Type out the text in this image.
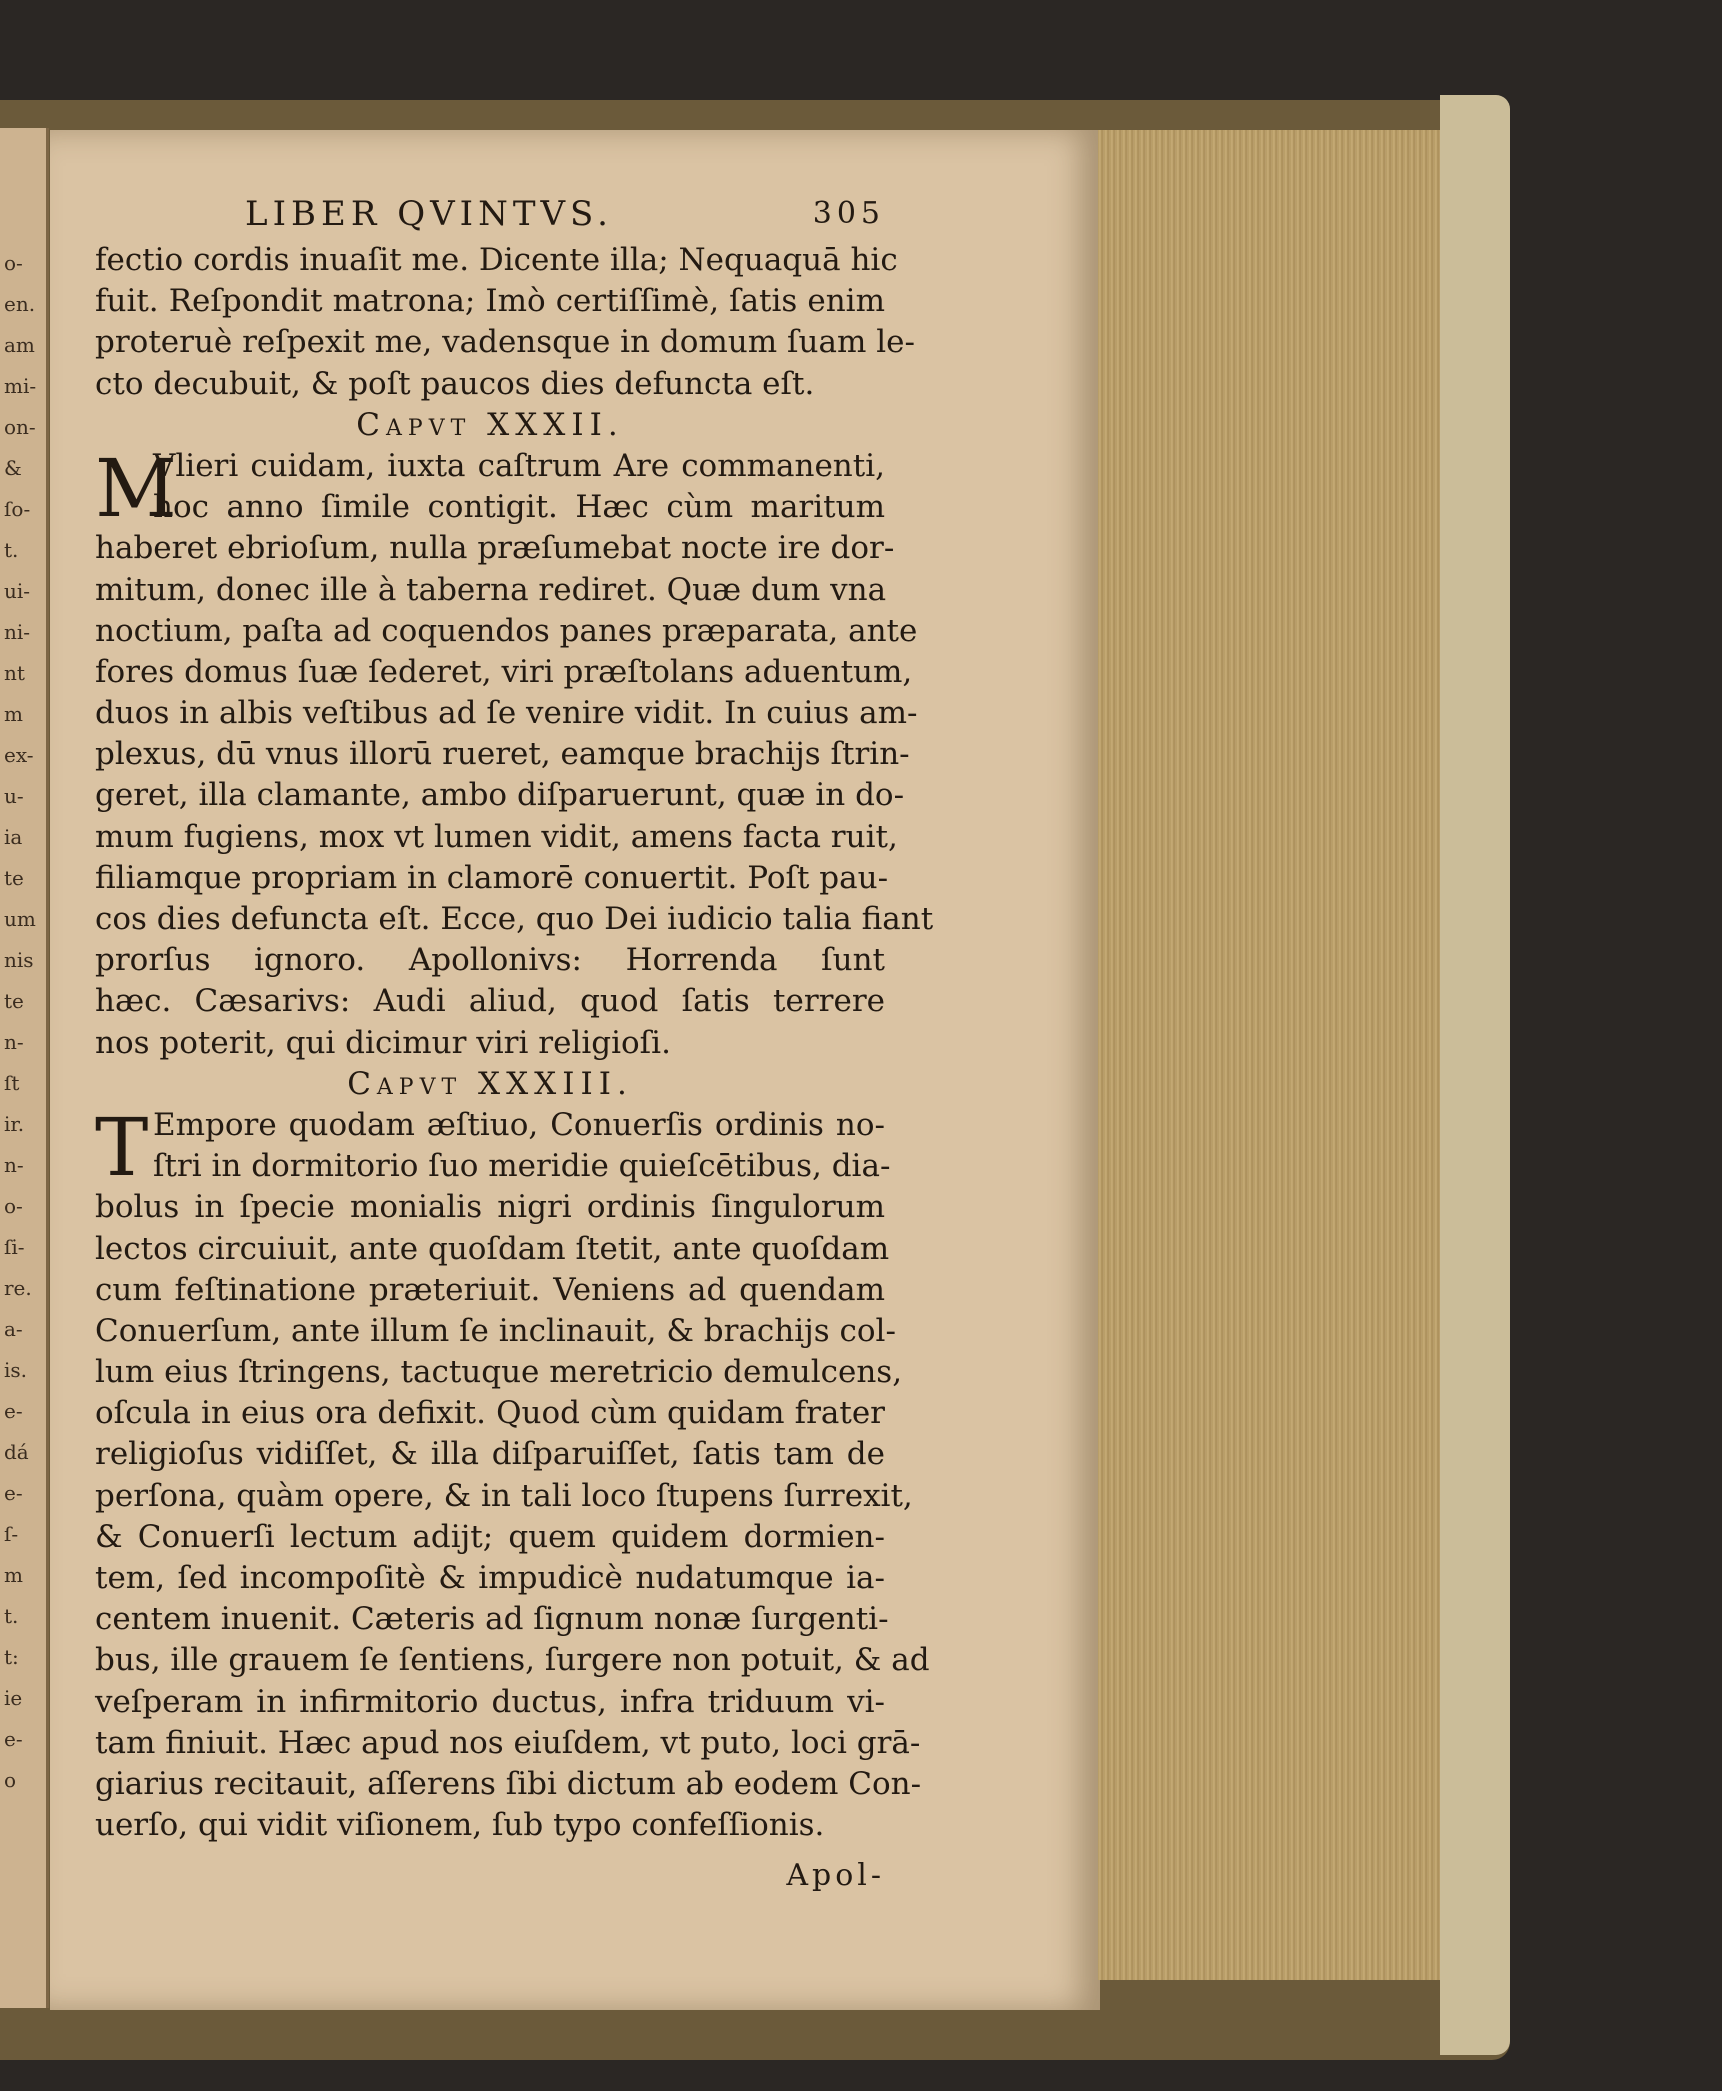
o-
en.
am
mi-
on-
&
ſo-
t.
ui-
ni-
nt
m
ex-
u-
ia
te
um
nis
te
n-
ſt
ir.
n-
o-
ſi-
re.
a-
is.
e-
dá
e-
ſ-
m
t.
t:
ie
e-
o
LIBER QVINTVS.	305
fectio cordis inuaſit me. Dicente illa; Nequaquā hic
fuit. Reſpondit matrona; Imò certiſſimè, ſatis enim
proteruè reſpexit me, vadensque in domum ſuam le-
cto decubuit, & poſt paucos dies defuncta eſt.
Capvt XXXII.
M
Vlieri cuidam, iuxta caſtrum Are commanenti,
hoc anno ſimile contigit. Hæc cùm maritum
haberet ebrioſum, nulla præſumebat nocte ire dor-
mitum, donec ille à taberna rediret. Quæ dum vna
noctium, paſta ad coquendos panes præparata, ante
fores domus ſuæ ſederet, viri præſtolans aduentum,
duos in albis veſtibus ad ſe venire vidit. In cuius am-
plexus, dū vnus illorū rueret, eamque brachijs ſtrin-
geret, illa clamante, ambo diſparuerunt, quæ in do-
mum fugiens, mox vt lumen vidit, amens facta ruit,
filiamque propriam in clamorē conuertit. Poſt pau-
cos dies defuncta eſt. Ecce, quo Dei iudicio talia fiant
prorſus ignoro. Apollonivs: Horrenda ſunt
hæc. Cæsarivs: Audi aliud, quod ſatis terrere
nos poterit, qui dicimur viri religioſi.
Capvt XXXIII.
T Empore quodam æſtiuo, Conuerſis ordinis no-
ſtri in dormitorio ſuo meridie quieſcētibus, dia-
bolus in ſpecie monialis nigri ordinis ſingulorum
lectos circuiuit, ante quoſdam ſtetit, ante quoſdam
cum feſtinatione præteriuit. Veniens ad quendam
Conuerſum, ante illum ſe inclinauit, & brachijs col-
lum eius ſtringens, tactuque meretricio demulcens,
oſcula in eius ora defixit. Quod cùm quidam frater
religioſus vidiſſet, & illa diſparuiſſet, ſatis tam de
perſona, quàm opere, & in tali loco ſtupens ſurrexit,
& Conuerſi lectum adijt; quem quidem dormien-
tem, ſed incompoſitè & impudicè nudatumque ia-
centem inuenit. Cæteris ad ſignum nonæ ſurgenti-
bus, ille grauem ſe ſentiens, ſurgere non potuit, & ad
veſperam in infirmitorio ductus, infra triduum vi-
tam finiuit. Hæc apud nos eiuſdem, vt puto, loci grā-
giarius recitauit, aſſerens ſibi dictum ab eodem Con-
uerſo, qui vidit viſionem, ſub typo confeſſionis.
Apol-
